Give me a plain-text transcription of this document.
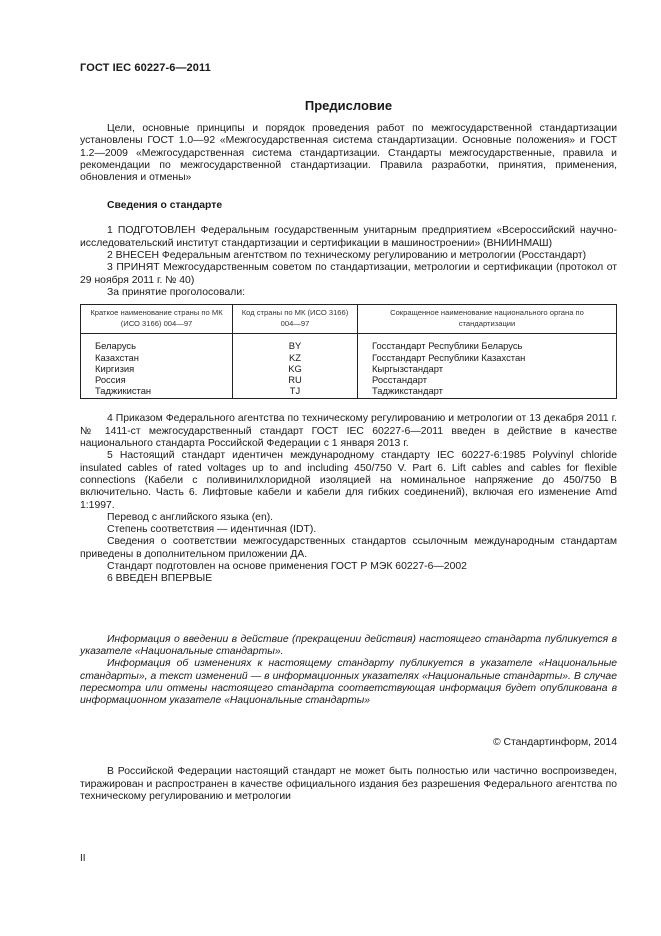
ГОСТ IEC 60227-6—2011
Предисловие

Цели, основные принципы и порядок проведения работ по межгосударственной стандартизации установлены ГОСТ 1.0—92 «Межгосударственная система стандартизации. Основные положения» и ГОСТ 1.2—2009 «Межгосударственная система стандартизации. Стандарты межгосударственные, правила и рекомендации по межгосударственной стандартизации. Правила разработки, принятия, применения, обновления и отмены»

Сведения о стандарте

1 ПОДГОТОВЛЕН Федеральным государственным унитарным предприятием «Всероссийский научно-исследовательский институт стандартизации и сертификации в машиностроении» (ВНИИНМАШ)

2 ВНЕСЕН Федеральным агентством по техническому регулированию и метрологии (Росстандарт)

3 ПРИНЯТ Межгосударственным советом по стандартизации, метрологии и сертификации (протокол от 29 ноября 2011 г. № 40)

За принятие проголосовали:

Краткое наименование страны по МК (ИСО 3166) 004—97	Код страны по МК (ИСО 3166) 004—97	Сокращенное наименование национального органа по стандартизации
Беларусь	BY	Госстандарт Республики Беларусь
Казахстан	KZ	Госстандарт Республики Казахстан
Киргизия	KG	Кыргызстандарт
Россия	RU	Росстандарт
Таджикистан	TJ	Таджикстандарт

4 Приказом Федерального агентства по техническому регулированию и метрологии от 13 декабря 2011 г. № 1411-ст межгосударственный стандарт ГОСТ IEC 60227-6—2011 введен в действие в качестве национального стандарта Российской Федерации с 1 января 2013 г.

5 Настоящий стандарт идентичен международному стандарту IEC 60227-6:1985 Polyvinyl chloride insulated cables of rated voltages up to and including 450/750 V. Part 6. Lift cables and cables for flexible connections (Кабели с поливинилхлоридной изоляцией на номинальное напряжение до 450/750 В включительно. Часть 6. Лифтовые кабели и кабели для гибких соединений), включая его изменение Amd 1:1997.

Перевод с английского языка (en).

Степень соответствия — идентичная (IDT).

Сведения о соответствии межгосударственных стандартов ссылочным международным стандартам приведены в дополнительном приложении ДА.

Стандарт подготовлен на основе применения ГОСТ Р МЭК 60227-6—2002

6 ВВЕДЕН ВПЕРВЫЕ

Информация о введении в действие (прекращении действия) настоящего стандарта публикуется в указателе «Национальные стандарты».

Информация об изменениях к настоящему стандарту публикуется в указателе «Национальные стандарты», а текст изменений — в информационных указателях «Национальные стандарты». В случае пересмотра или отмены настоящего стандарта соответствующая информация будет опубликована в информационном указателе «Национальные стандарты»

© Стандартинформ, 2014

В Российской Федерации настоящий стандарт не может быть полностью или частично воспроизведен, тиражирован и распространен в качестве официального издания без разрешения Федерального агентства по техническому регулированию и метрологии

II
